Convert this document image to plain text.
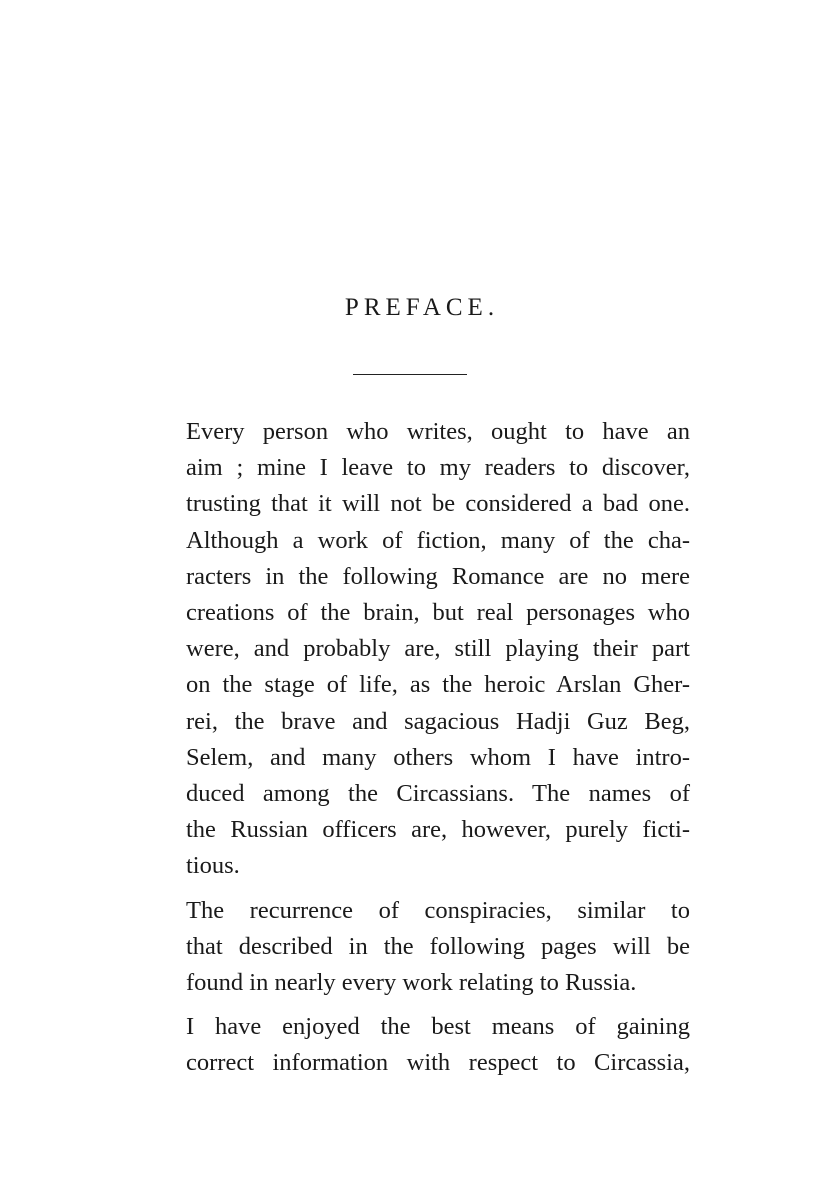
PREFACE.

Every person who writes, ought to have an
aim ; mine I leave to my readers to discover,
trusting that it will not be considered a bad one.
Although a work of fiction, many of the cha-
racters in the following Romance are no mere
creations of the brain, but real personages who
were, and probably are, still playing their part
on the stage of life, as the heroic Arslan Gher-
rei, the brave and sagacious Hadji Guz Beg,
Selem, and many others whom I have intro-
duced among the Circassians. The names of
the Russian officers are, however, purely ficti-
tious.

The recurrence of conspiracies, similar to
that described in the following pages will be
found in nearly every work relating to Russia.

I have enjoyed the best means of gaining
correct information with respect to Circassia,
